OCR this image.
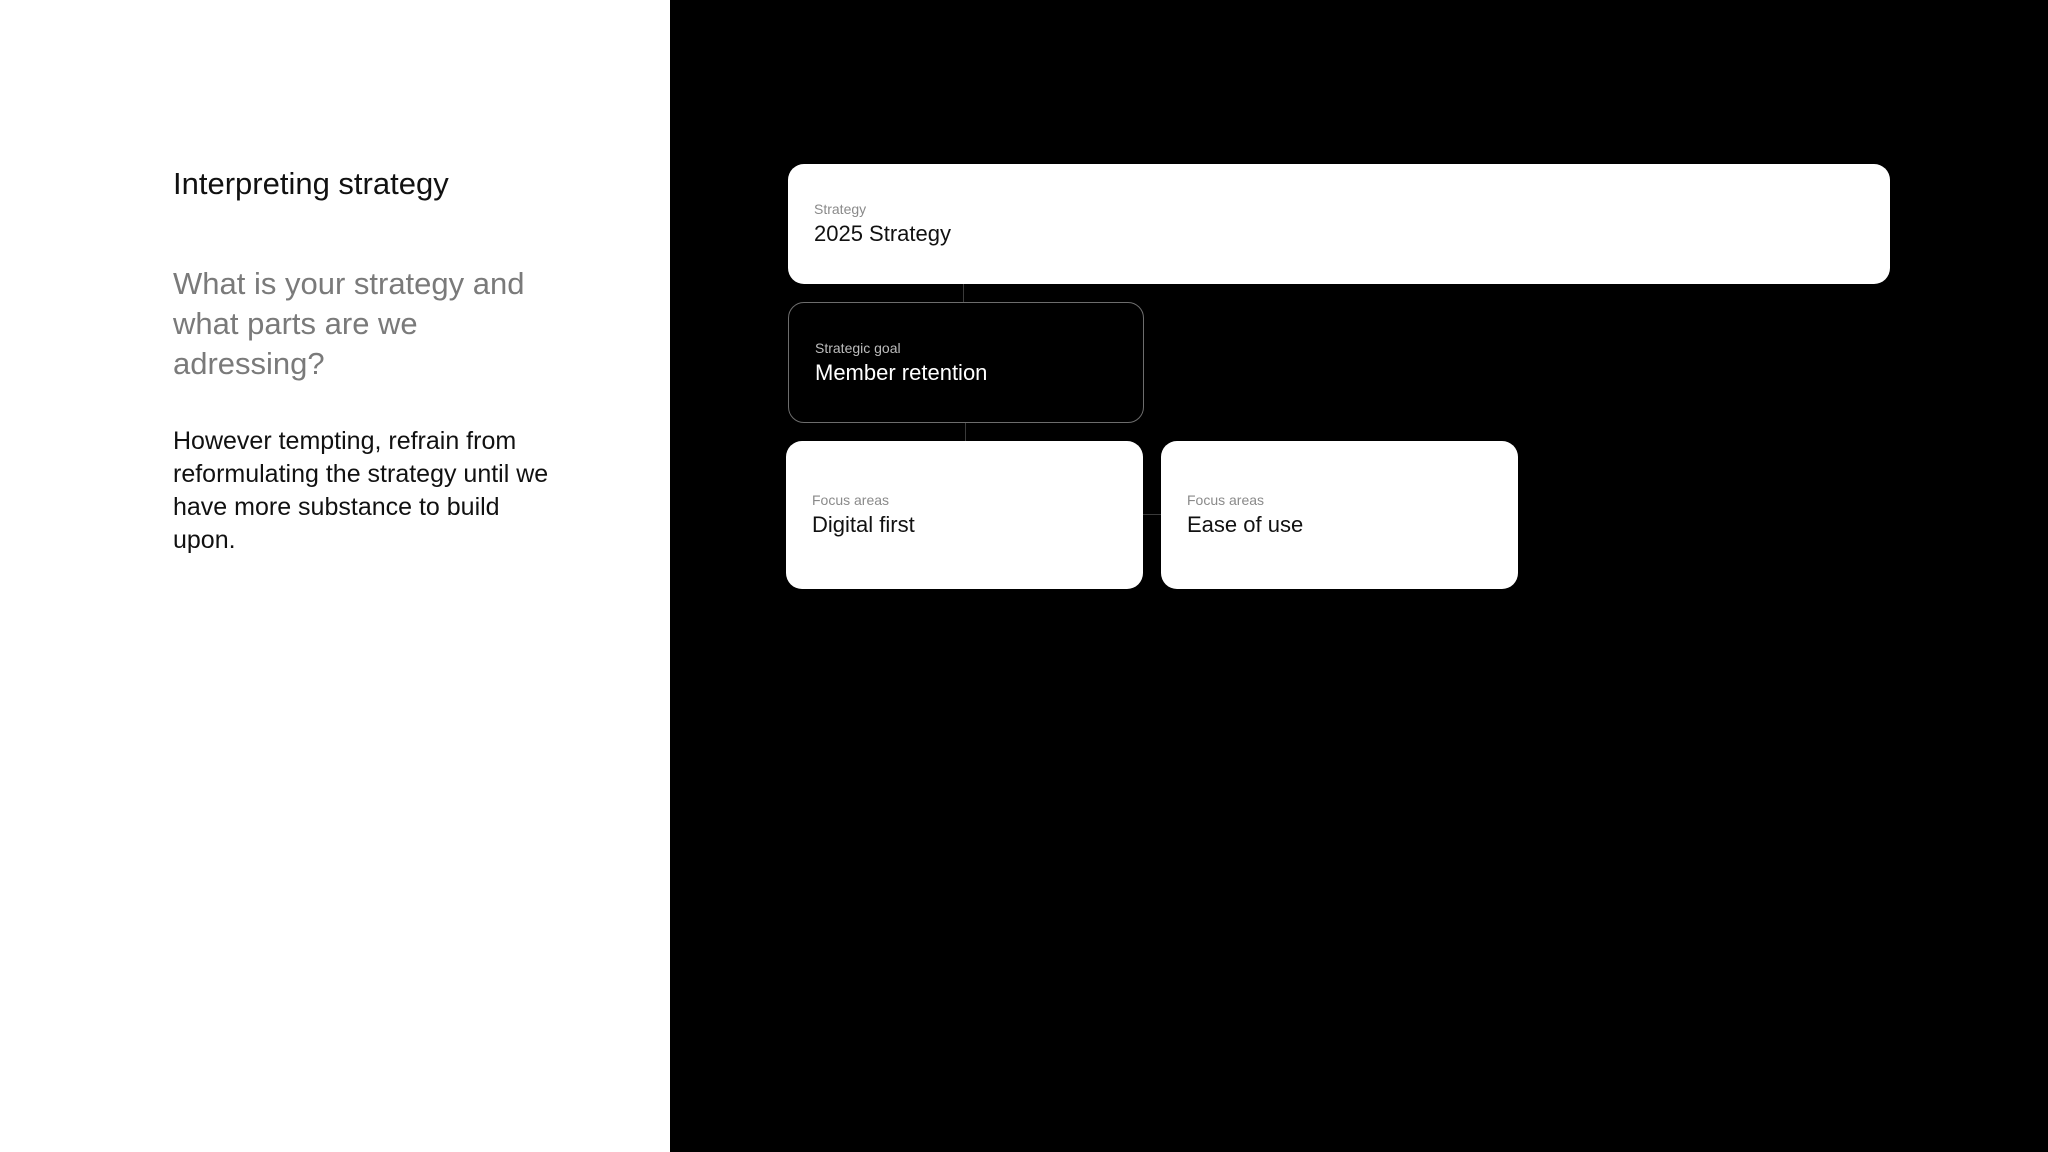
Interpreting strategy

What is your strategy and what parts are we adressing?

However tempting, refrain from reformulating the strategy until we have more substance to build upon.

Strategy
2025 Strategy
Strategic goal
Member retention
Focus areas
Digital first
Focus areas
Ease of use
